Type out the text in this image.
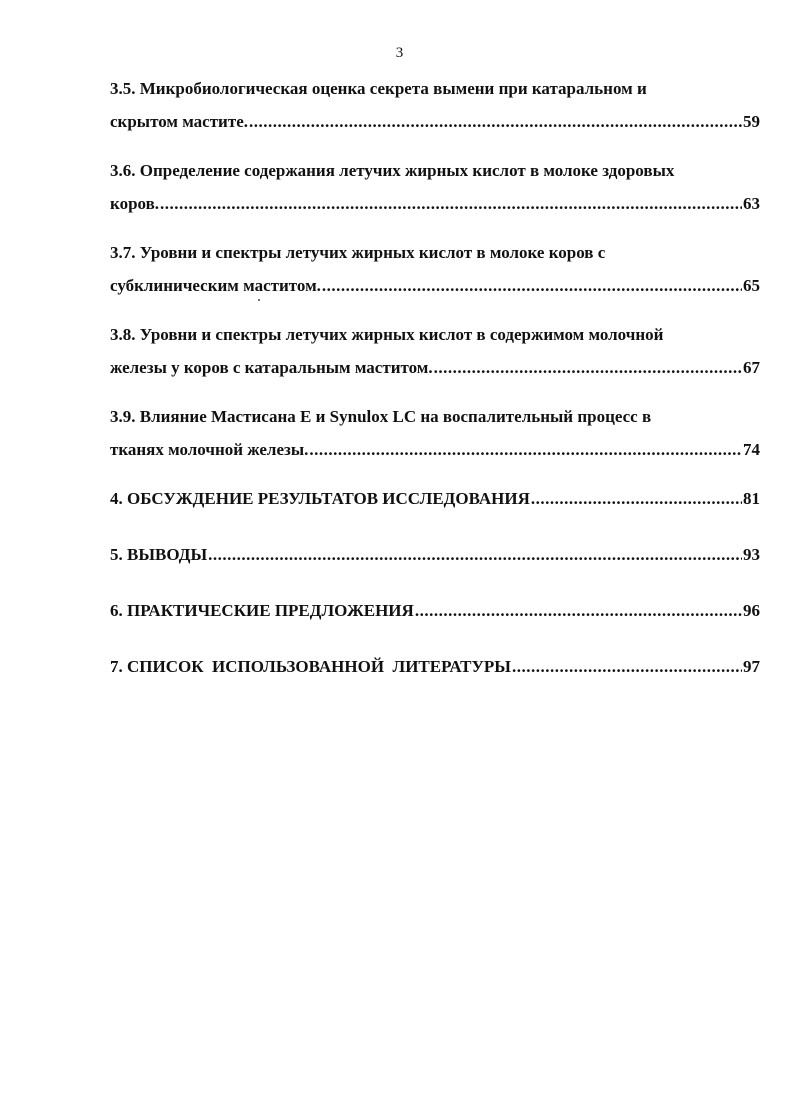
3
3.5. Микробиологическая оценка секрета вымени при катаральном и
скрытом мастите. .....	59
3.6. Определение содержания летучих жирных кислот в молоке здоровых
коров. .....	63
3.7. Уровни и спектры летучих жирных кислот в молоке коров с
субклиническим маститом. .....	65
3.8. Уровни и спектры летучих жирных кислот в содержимом молочной
железы у коров с катаральным маститом. .....	67
3.9. Влияние Мастисана Е и Synulox LC на воспалительный процесс в
тканях молочной железы. .....	74
4. ОБСУЖДЕНИЕ РЕЗУЛЬТАТОВ ИССЛЕДОВАНИЯ .....	81
5. ВЫВОДЫ .....	93
6. ПРАКТИЧЕСКИЕ ПРЕДЛОЖЕНИЯ .....	96
7. СПИСОК  ИСПОЛЬЗОВАННОЙ  ЛИТЕРАТУРЫ .....	97
